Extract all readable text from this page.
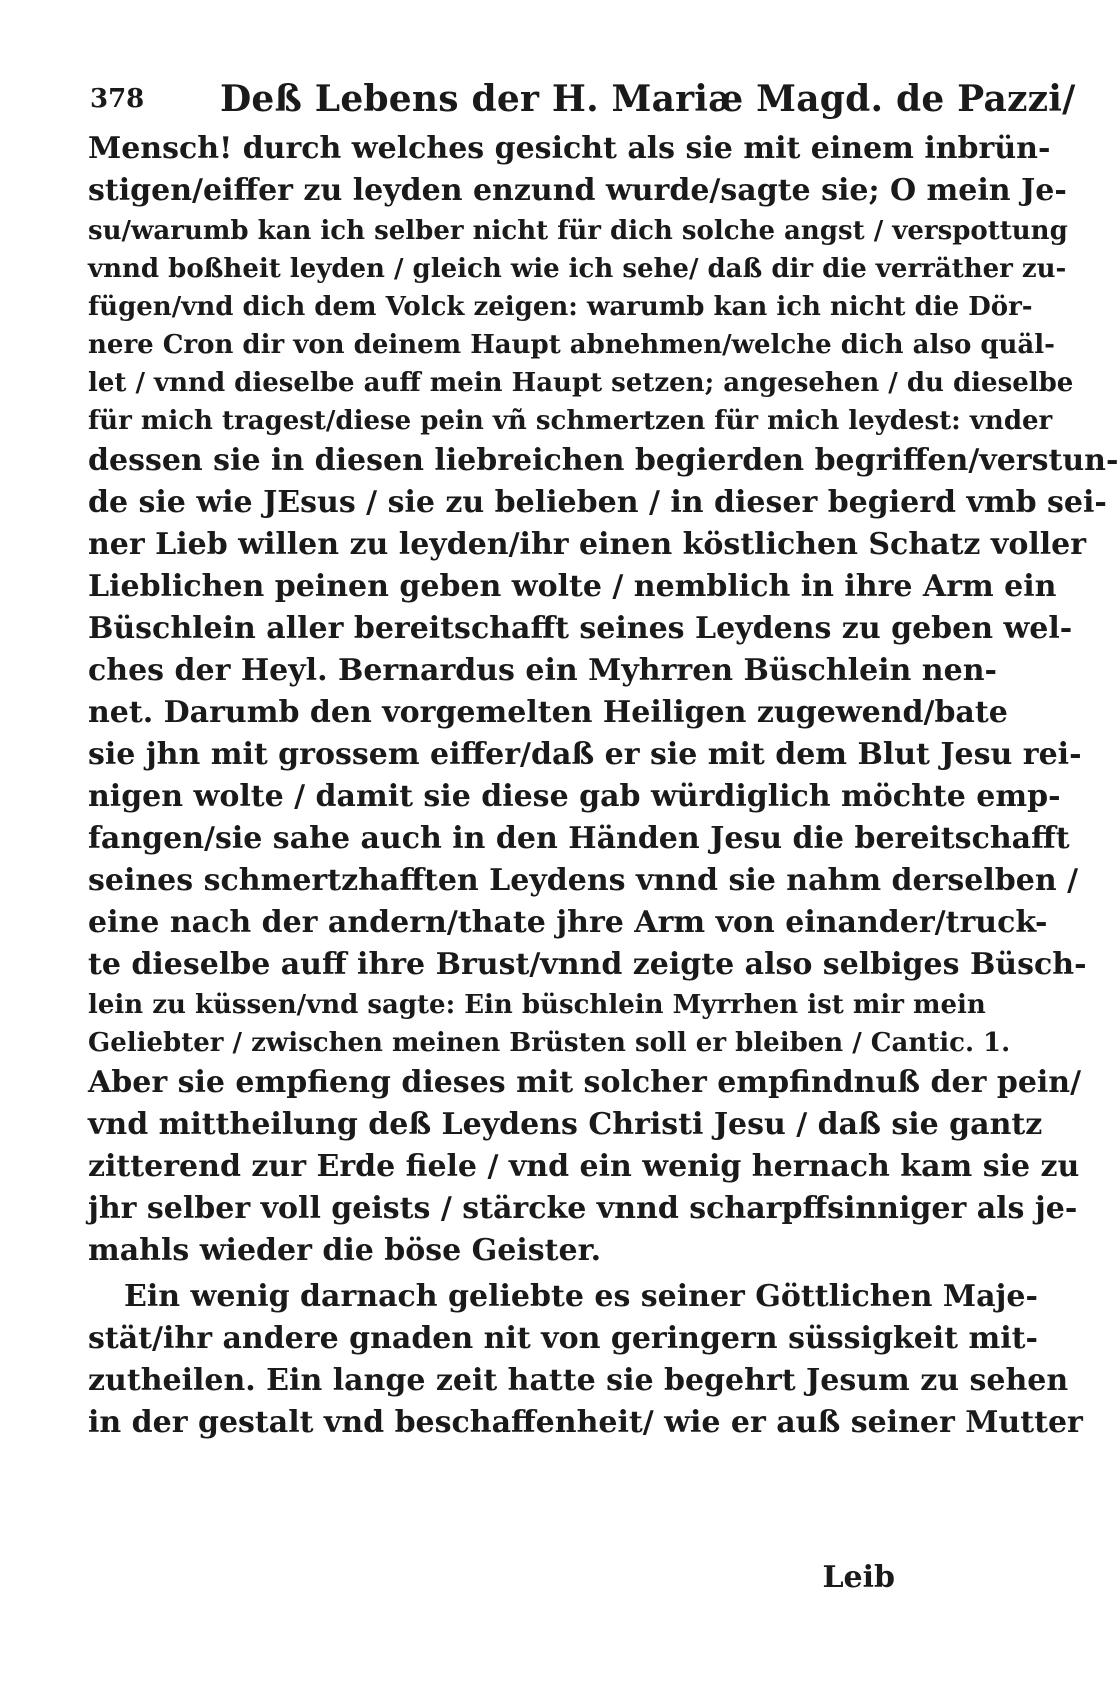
378 Deß Lebens der H. Mariæ Magd. de Pazzi/
Mensch! durch welches gesicht als sie mit einem inbrün-
stigen/eiffer zu leyden enzund wurde/sagte sie; O mein Je-
su/warumb kan ich selber nicht für dich solche angst / verspottung
vnnd boßheit leyden / gleich wie ich sehe/ daß dir die verräther zu-
fügen/vnd dich dem Volck zeigen: warumb kan ich nicht die Dör-
nere Cron dir von deinem Haupt abnehmen/welche dich also quäl-
let / vnnd dieselbe auff mein Haupt setzen; angesehen / du dieselbe
für mich tragest/diese pein vñ schmertzen für mich leydest: vnder
dessen sie in diesen liebreichen begierden begriffen/verstun-
de sie wie JEsus / sie zu belieben / in dieser begierd vmb sei-
ner Lieb willen zu leyden/ihr einen köstlichen Schatz voller
Lieblichen peinen geben wolte / nemblich in ihre Arm ein
Büschlein aller bereitschafft seines Leydens zu geben wel-
ches der Heyl. Bernardus ein Myhrren Büschlein nen-
net. Darumb den vorgemelten Heiligen zugewend/bate
sie jhn mit grossem eiffer/daß er sie mit dem Blut Jesu rei-
nigen wolte / damit sie diese gab würdiglich möchte emp-
fangen/sie sahe auch in den Händen Jesu die bereitschafft
seines schmertzhafften Leydens vnnd sie nahm derselben /
eine nach der andern/thate jhre Arm von einander/truck-
te dieselbe auff ihre Brust/vnnd zeigte also selbiges Büsch-
lein zu küssen/vnd sagte: Ein büschlein Myrrhen ist mir mein
Geliebter / zwischen meinen Brüsten soll er bleiben / Cantic. 1.
Aber sie empfieng dieses mit solcher empfindnuß der pein/
vnd mittheilung deß Leydens Christi Jesu / daß sie gantz
zitterend zur Erde fiele / vnd ein wenig hernach kam sie zu
jhr selber voll geists / stärcke vnnd scharpffsinniger als je-
mahls wieder die böse Geister.
Ein wenig darnach geliebte es seiner Göttlichen Maje-
stät/ihr andere gnaden nit von geringern süssigkeit mit-
zutheilen. Ein lange zeit hatte sie begehrt Jesum zu sehen
in der gestalt vnd beschaffenheit/ wie er auß seiner Mutter
Leib
